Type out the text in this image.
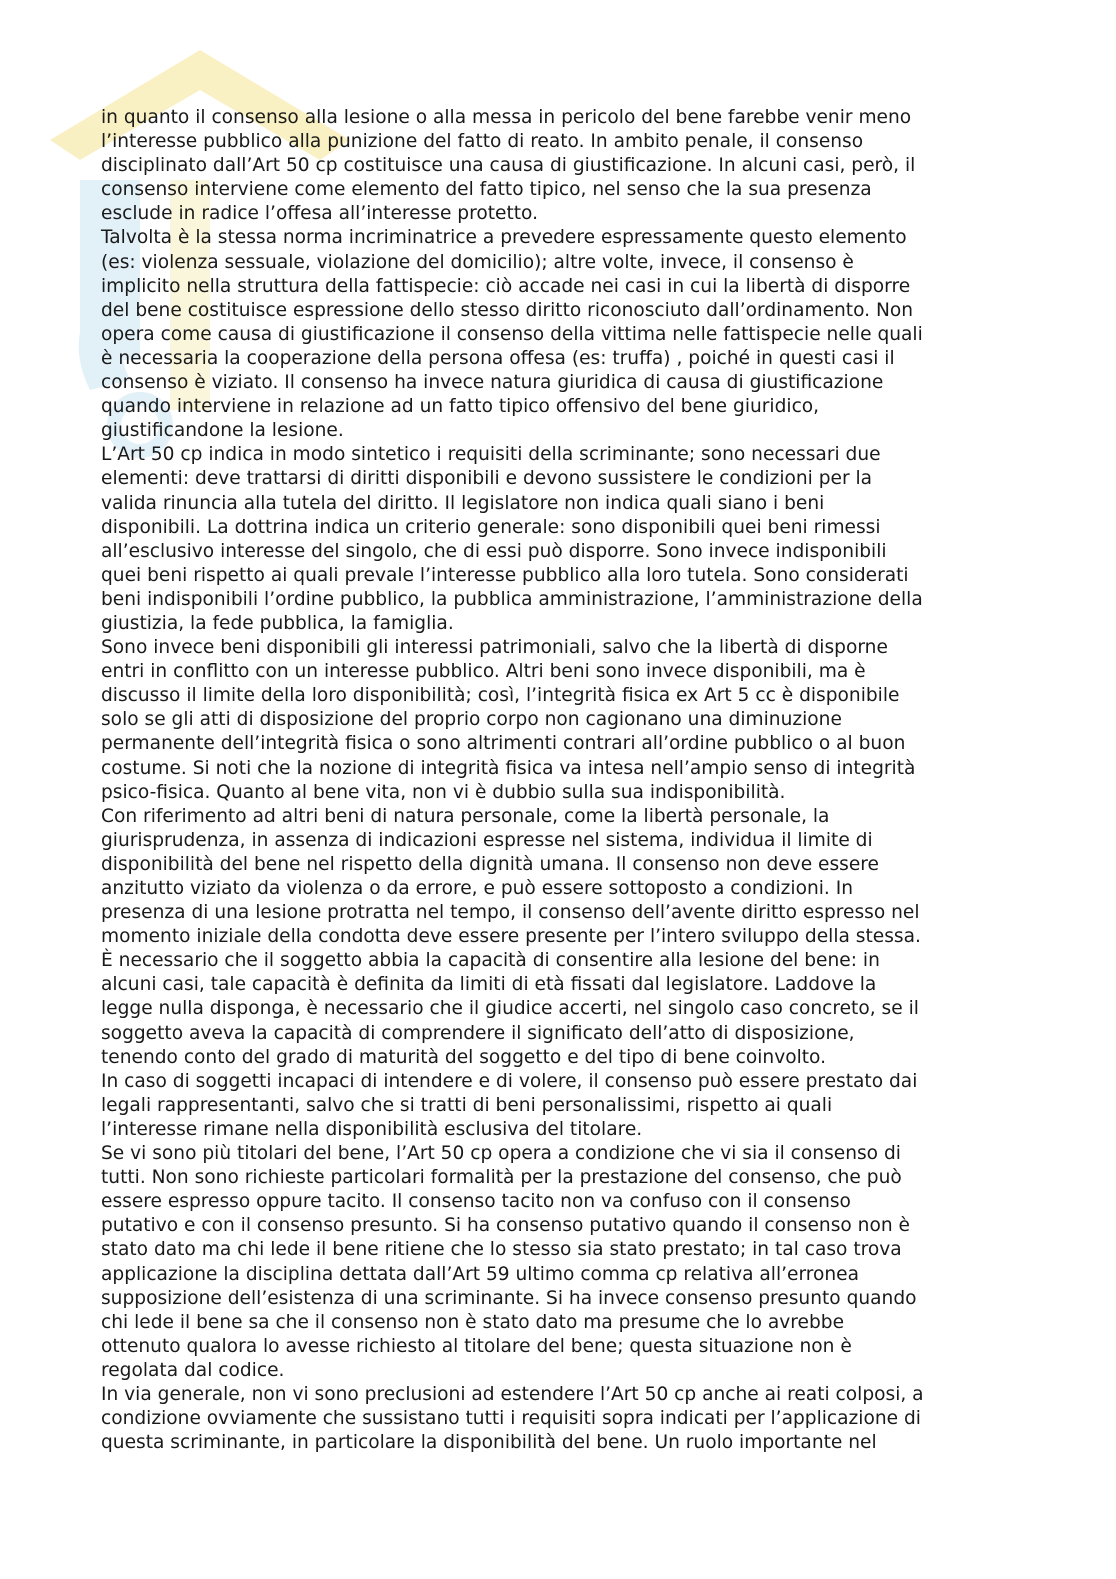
in quanto il consenso alla lesione o alla messa in pericolo del bene farebbe venir meno
l’interesse pubblico alla punizione del fatto di reato. In ambito penale, il consenso
disciplinato dall’Art 50 cp costituisce una causa di giustificazione. In alcuni casi, però, il
consenso interviene come elemento del fatto tipico, nel senso che la sua presenza
esclude in radice l’offesa all’interesse protetto.
Talvolta è la stessa norma incriminatrice a prevedere espressamente questo elemento
(es: violenza sessuale, violazione del domicilio); altre volte, invece, il consenso è
implicito nella struttura della fattispecie: ciò accade nei casi in cui la libertà di disporre
del bene costituisce espressione dello stesso diritto riconosciuto dall’ordinamento. Non
opera come causa di giustificazione il consenso della vittima nelle fattispecie nelle quali
è necessaria la cooperazione della persona offesa (es: truffa) , poiché in questi casi il
consenso è viziato. Il consenso ha invece natura giuridica di causa di giustificazione
quando interviene in relazione ad un fatto tipico offensivo del bene giuridico,
giustificandone la lesione.
L’Art 50 cp indica in modo sintetico i requisiti della scriminante; sono necessari due
elementi: deve trattarsi di diritti disponibili e devono sussistere le condizioni per la
valida rinuncia alla tutela del diritto. Il legislatore non indica quali siano i beni
disponibili. La dottrina indica un criterio generale: sono disponibili quei beni rimessi
all’esclusivo interesse del singolo, che di essi può disporre. Sono invece indisponibili
quei beni rispetto ai quali prevale l’interesse pubblico alla loro tutela. Sono considerati
beni indisponibili l’ordine pubblico, la pubblica amministrazione, l’amministrazione della
giustizia, la fede pubblica, la famiglia.
Sono invece beni disponibili gli interessi patrimoniali, salvo che la libertà di disporne
entri in conflitto con un interesse pubblico. Altri beni sono invece disponibili, ma è
discusso il limite della loro disponibilità; così, l’integrità fisica ex Art 5 cc è disponibile
solo se gli atti di disposizione del proprio corpo non cagionano una diminuzione
permanente dell’integrità fisica o sono altrimenti contrari all’ordine pubblico o al buon
costume. Si noti che la nozione di integrità fisica va intesa nell’ampio senso di integrità
psico-fisica. Quanto al bene vita, non vi è dubbio sulla sua indisponibilità.
Con riferimento ad altri beni di natura personale, come la libertà personale, la
giurisprudenza, in assenza di indicazioni espresse nel sistema, individua il limite di
disponibilità del bene nel rispetto della dignità umana. Il consenso non deve essere
anzitutto viziato da violenza o da errore, e può essere sottoposto a condizioni. In
presenza di una lesione protratta nel tempo, il consenso dell’avente diritto espresso nel
momento iniziale della condotta deve essere presente per l’intero sviluppo della stessa.
È necessario che il soggetto abbia la capacità di consentire alla lesione del bene: in
alcuni casi, tale capacità è definita da limiti di età fissati dal legislatore. Laddove la
legge nulla disponga, è necessario che il giudice accerti, nel singolo caso concreto, se il
soggetto aveva la capacità di comprendere il significato dell’atto di disposizione,
tenendo conto del grado di maturità del soggetto e del tipo di bene coinvolto.
In caso di soggetti incapaci di intendere e di volere, il consenso può essere prestato dai
legali rappresentanti, salvo che si tratti di beni personalissimi, rispetto ai quali
l’interesse rimane nella disponibilità esclusiva del titolare.
Se vi sono più titolari del bene, l’Art 50 cp opera a condizione che vi sia il consenso di
tutti. Non sono richieste particolari formalità per la prestazione del consenso, che può
essere espresso oppure tacito. Il consenso tacito non va confuso con il consenso
putativo e con il consenso presunto. Si ha consenso putativo quando il consenso non è
stato dato ma chi lede il bene ritiene che lo stesso sia stato prestato; in tal caso trova
applicazione la disciplina dettata dall’Art 59 ultimo comma cp relativa all’erronea
supposizione dell’esistenza di una scriminante. Si ha invece consenso presunto quando
chi lede il bene sa che il consenso non è stato dato ma presume che lo avrebbe
ottenuto qualora lo avesse richiesto al titolare del bene; questa situazione non è
regolata dal codice.
In via generale, non vi sono preclusioni ad estendere l’Art 50 cp anche ai reati colposi, a
condizione ovviamente che sussistano tutti i requisiti sopra indicati per l’applicazione di
questa scriminante, in particolare la disponibilità del bene. Un ruolo importante nel
